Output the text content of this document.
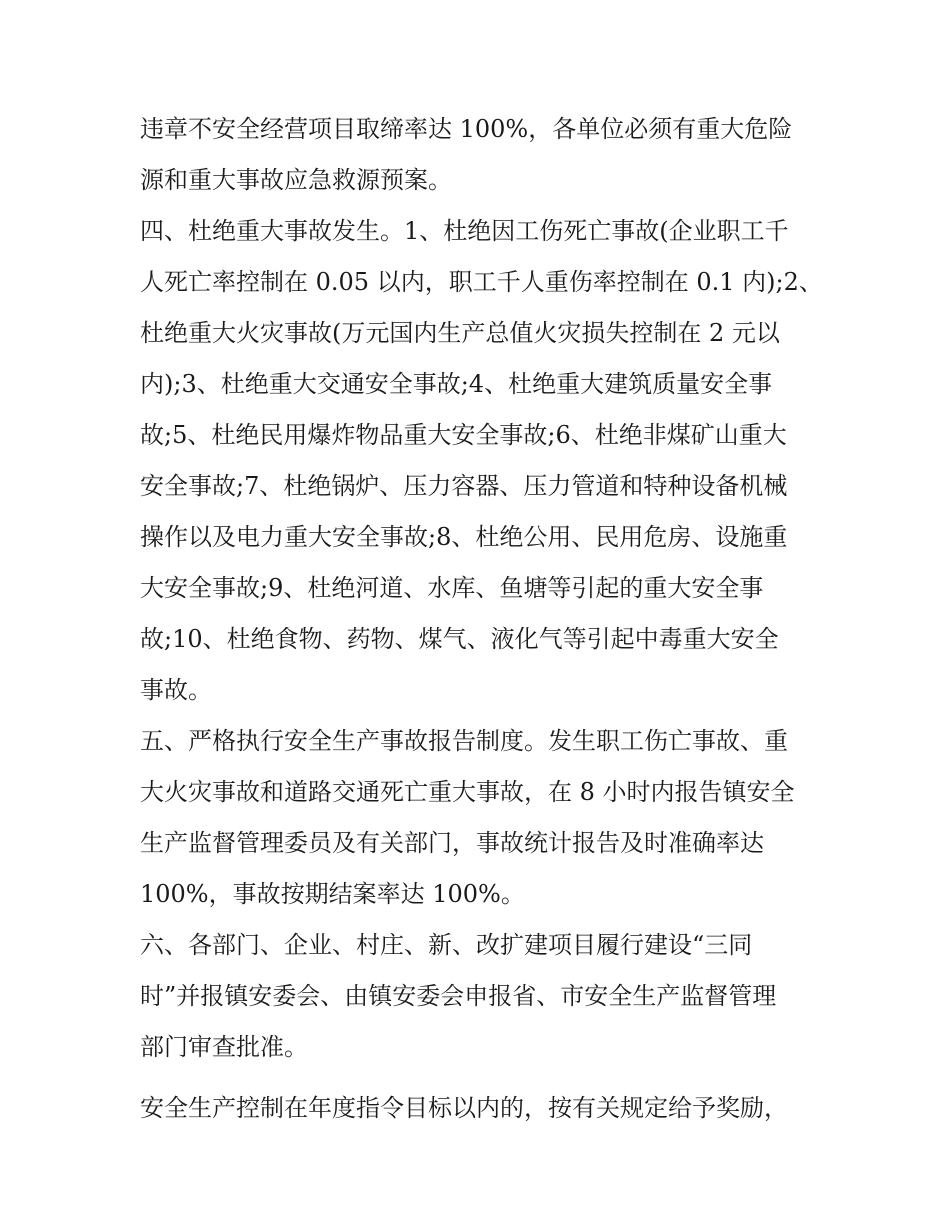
违章不安全经营项目取缔率达 100%，各单位必须有重大危险
源和重大事故应急救源预案。
四、杜绝重大事故发生。1、杜绝因工伤死亡事故(企业职工千
人死亡率控制在 0.05 以内，职工千人重伤率控制在 0.1 内);2、
杜绝重大火灾事故(万元国内生产总值火灾损失控制在 2 元以
内);3、杜绝重大交通安全事故;4、杜绝重大建筑质量安全事
故;5、杜绝民用爆炸物品重大安全事故;6、杜绝非煤矿山重大
安全事故;7、杜绝锅炉、压力容器、压力管道和特种设备机械
操作以及电力重大安全事故;8、杜绝公用、民用危房、设施重
大安全事故;9、杜绝河道、水库、鱼塘等引起的重大安全事
故;10、杜绝食物、药物、煤气、液化气等引起中毒重大安全
事故。
五、严格执行安全生产事故报告制度。发生职工伤亡事故、重
大火灾事故和道路交通死亡重大事故，在 8 小时内报告镇安全
生产监督管理委员及有关部门，事故统计报告及时准确率达
100%，事故按期结案率达 100%。
六、各部门、企业、村庄、新、改扩建项目履行建设“三同
时”并报镇安委会、由镇安委会申报省、市安全生产监督管理
部门审查批准。
安全生产控制在年度指令目标以内的，按有关规定给予奖励，
